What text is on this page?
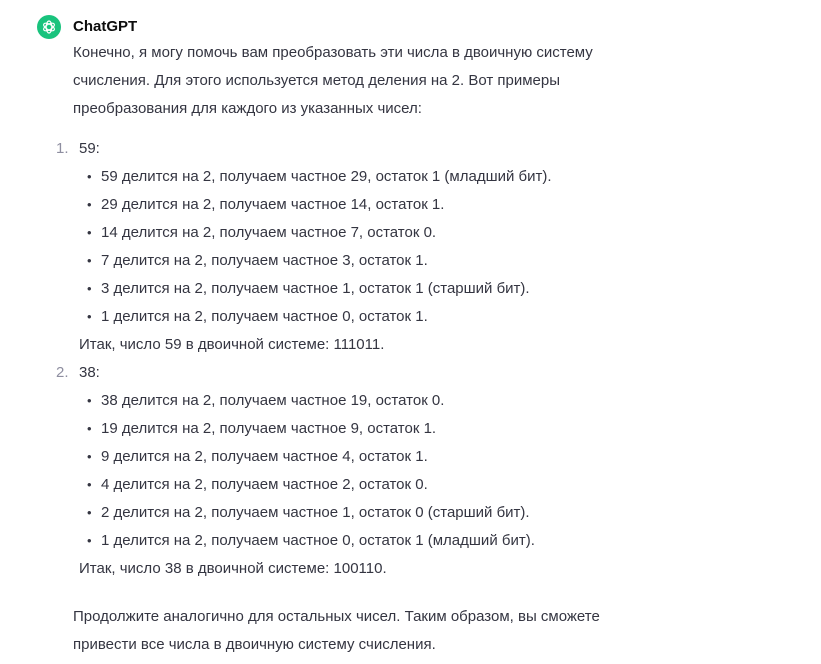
ChatGPT

Конечно, я могу помочь вам преобразовать эти числа в двоичную систему счисления. Для этого используется метод деления на 2. Вот примеры преобразования для каждого из указанных чисел:

1. 59:
• 59 делится на 2, получаем частное 29, остаток 1 (младший бит).
• 29 делится на 2, получаем частное 14, остаток 1.
• 14 делится на 2, получаем частное 7, остаток 0.
• 7 делится на 2, получаем частное 3, остаток 1.
• 3 делится на 2, получаем частное 1, остаток 1 (старший бит).
• 1 делится на 2, получаем частное 0, остаток 1.
Итак, число 59 в двоичной системе: 111011.
2. 38:
• 38 делится на 2, получаем частное 19, остаток 0.
• 19 делится на 2, получаем частное 9, остаток 1.
• 9 делится на 2, получаем частное 4, остаток 1.
• 4 делится на 2, получаем частное 2, остаток 0.
• 2 делится на 2, получаем частное 1, остаток 0 (старший бит).
• 1 делится на 2, получаем частное 0, остаток 1 (младший бит).
Итак, число 38 в двоичной системе: 100110.

Продолжите аналогично для остальных чисел. Таким образом, вы сможете привести все числа в двоичную систему счисления.
